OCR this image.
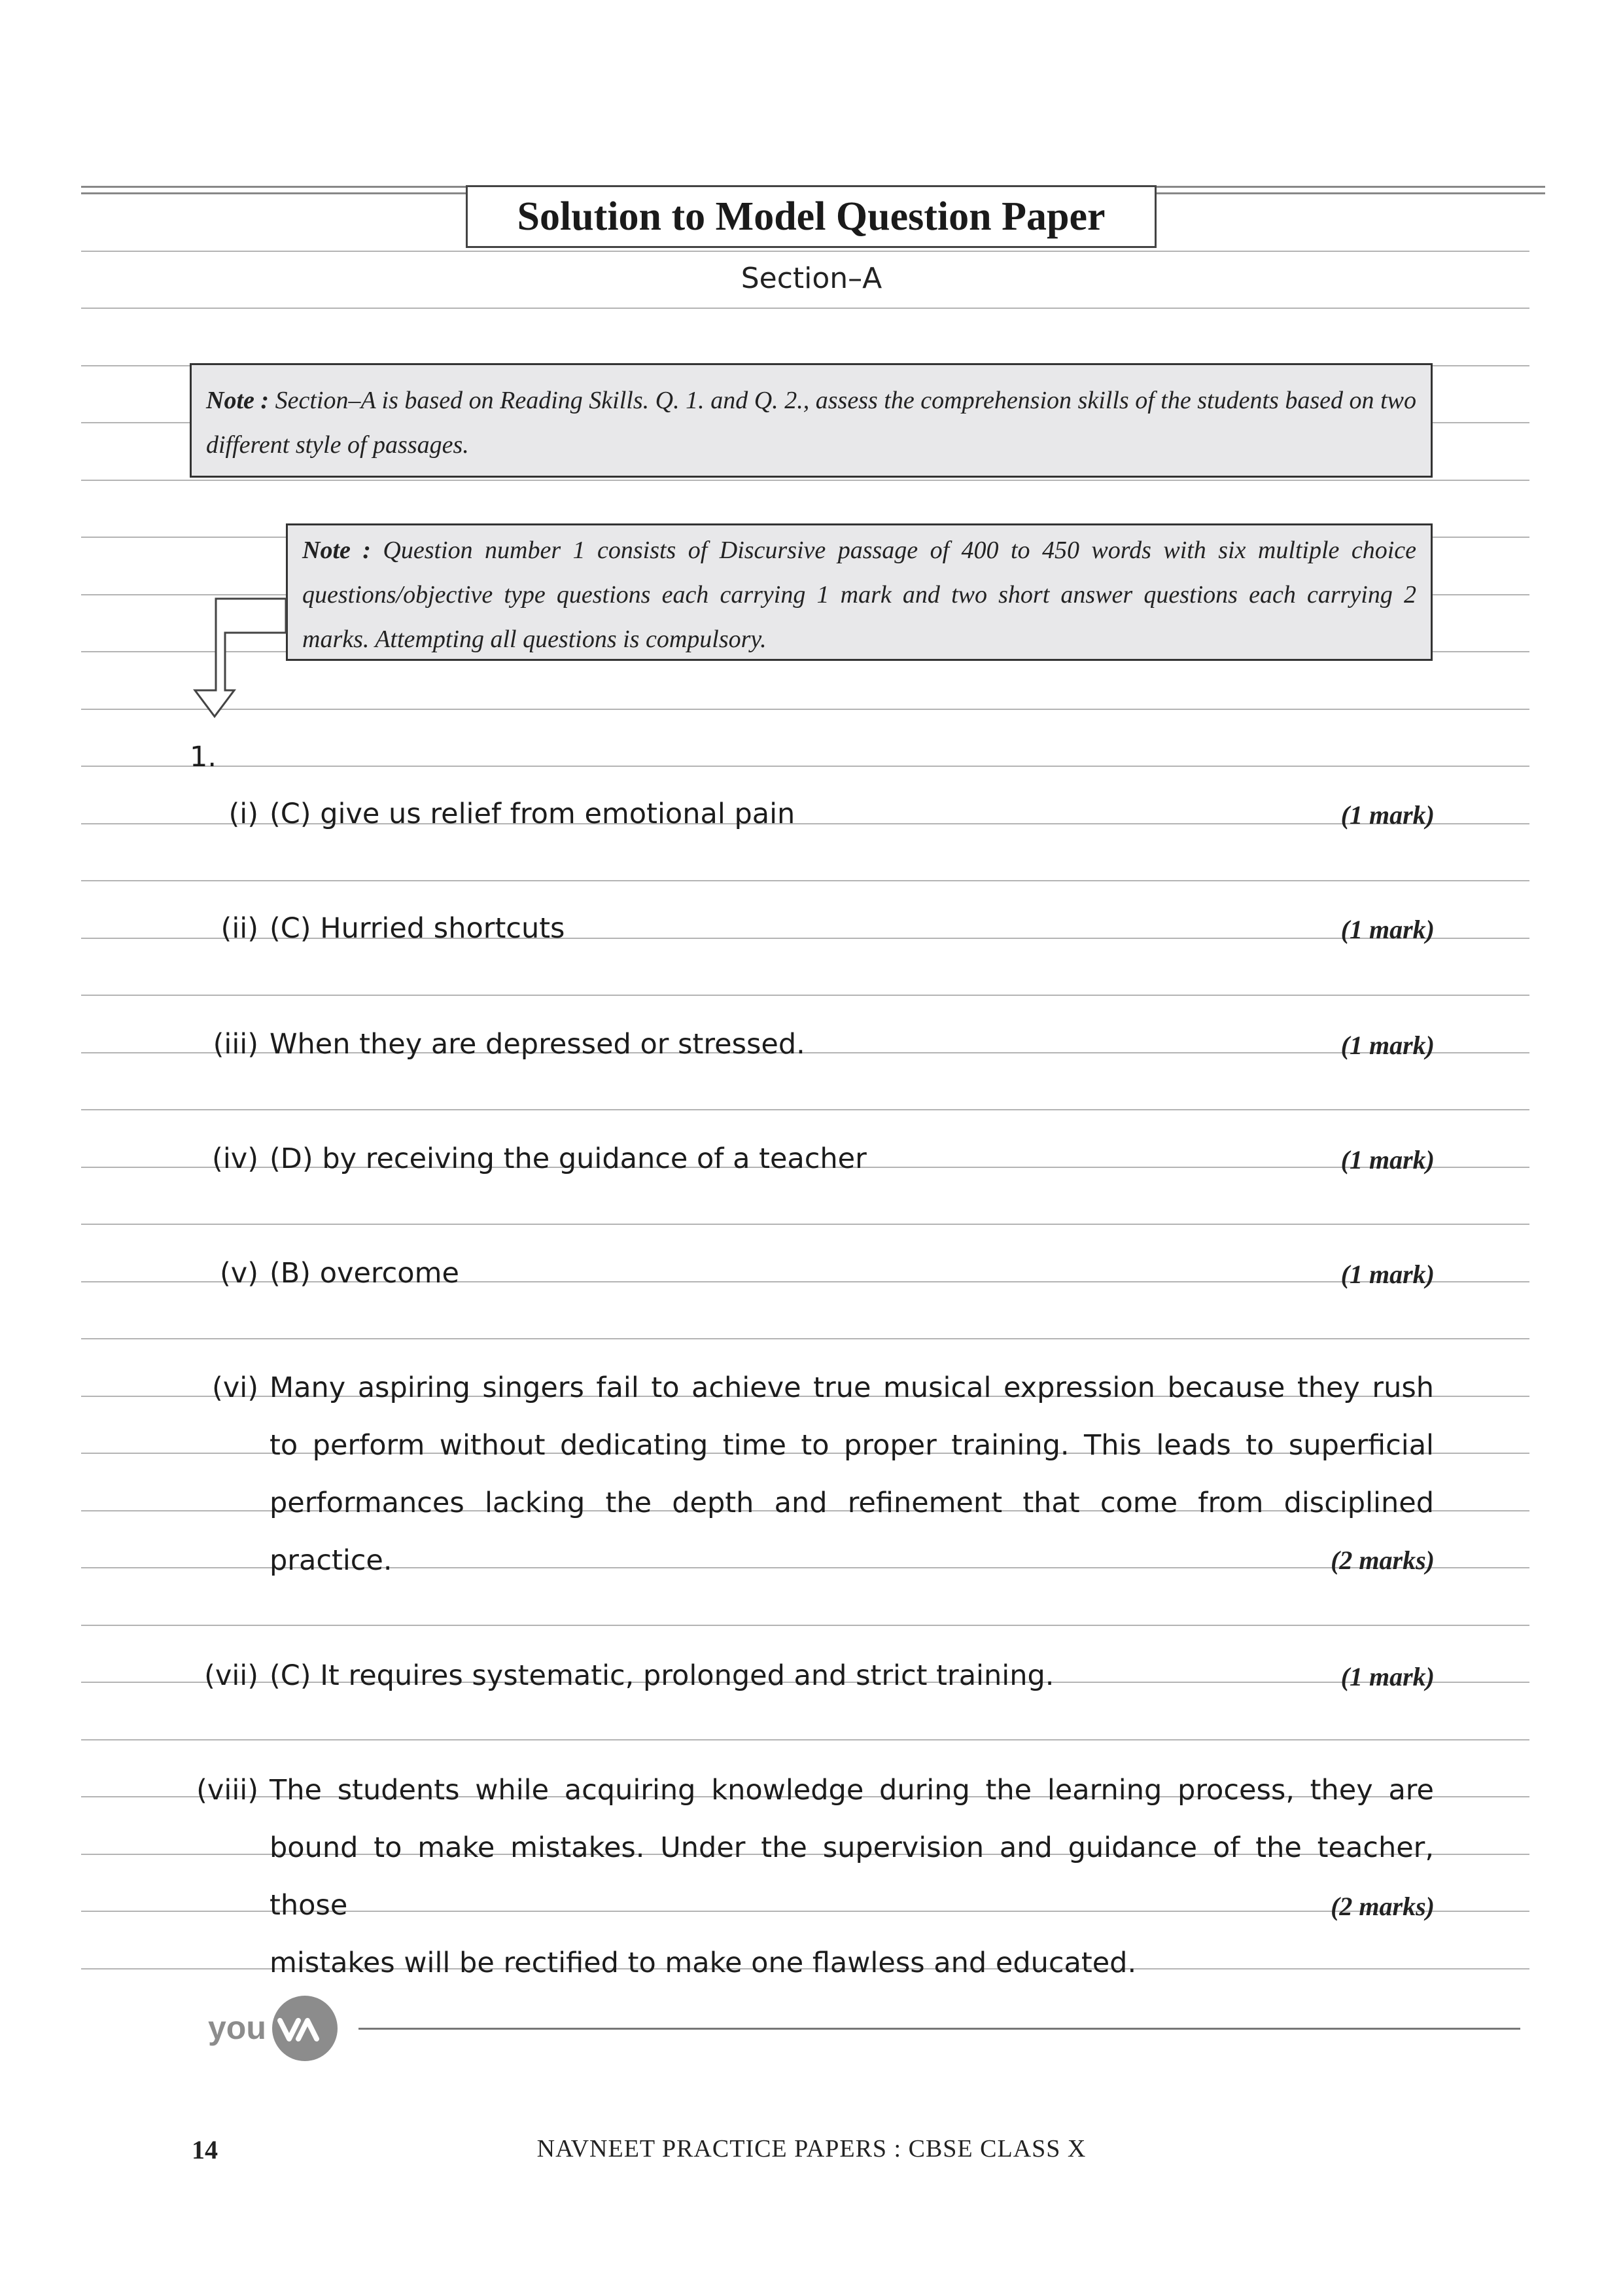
Solution to Model Question Paper
Section–A
Note : Section–A is based on Reading Skills. Q. 1. and Q. 2., assess the comprehension skills of the students based on two different style of passages.
Note : Question number 1 consists of Discursive passage of 400 to 450 words with six multiple choice questions/objective type questions each carrying 1 mark and two short answer questions each carrying 2 marks. Attempting all questions is compulsory.
1.
(i) (C) give us relief from emotional pain	(1 mark)
(ii) (C) Hurried shortcuts	(1 mark)
(iii) When they are depressed or stressed.	(1 mark)
(iv) (D) by receiving the guidance of a teacher	(1 mark)
(v) (B) overcome	(1 mark)
(vi) Many aspiring singers fail to achieve true musical expression because they rush
to perform without dedicating time to proper training. This leads to superficial
performances lacking the depth and refinement that come from disciplined practice.	(2 marks)
(vii) (C) It requires systematic, prolonged and strict training.	(1 mark)
(viii) The students while acquiring knowledge during the learning process, they are
bound to make mistakes. Under the supervision and guidance of the teacher, those
mistakes will be rectified to make one flawless and educated.
(2 marks)
you
14	NAVNEET PRACTICE PAPERS : CBSE CLASS X
